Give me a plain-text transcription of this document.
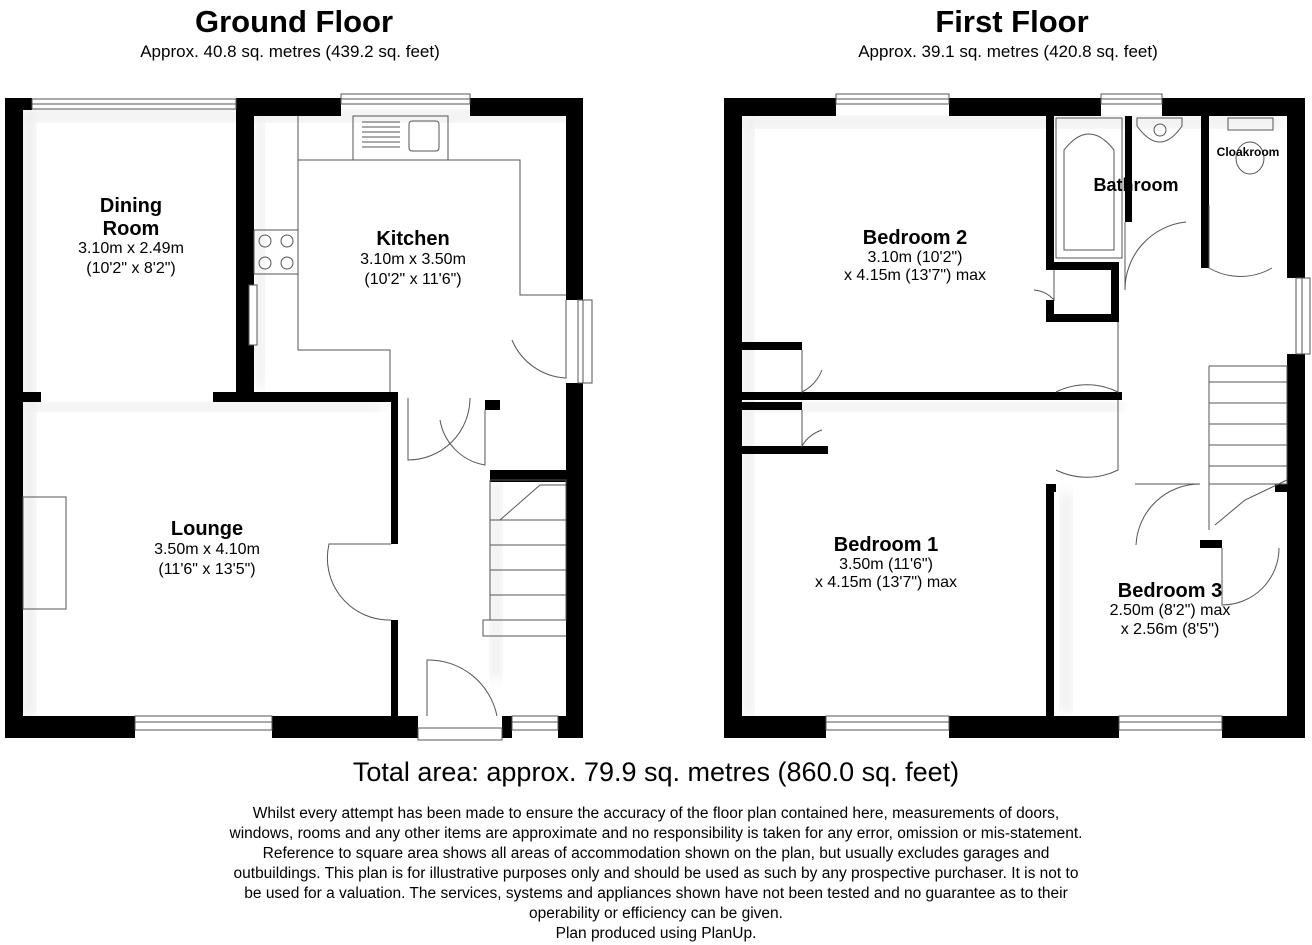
Ground Floor
Approx. 40.8 sq. metres (439.2 sq. feet)
Dining
Room
3.10m x 2.49m
(10'2" x 8'2")
Kitchen
3.10m x 3.50m
(10'2" x 11'6")
Lounge
3.50m x 4.10m
(11'6" x 13'5")
First Floor
Approx. 39.1 sq. metres (420.8 sq. feet)
Bedroom 2
3.10m (10'2")
x 4.15m (13'7") max
Bathroom
Cloakroom
Bedroom 1
3.50m (11'6")
x 4.15m (13'7") max	Bedroom 3
2.50m (8'2") max
x 2.56m (8'5")
Total area: approx. 79.9 sq. metres (860.0 sq. feet)
Whilst every attempt has been made to ensure the accuracy of the floor plan contained here, measurements of doors,
windows, rooms and any other items are approximate and no responsibility is taken for any error, omission or mis-statement.
Reference to square area shows all areas of accommodation shown on the plan, but usually excludes garages and
outbuildings. This plan is for illustrative purposes only and should be used as such by any prospective purchaser. It is not to
be used for a valuation. The services, systems and appliances shown have not been tested and no guarantee as to their
operability or efficiency can be given.
Plan produced using PlanUp.
